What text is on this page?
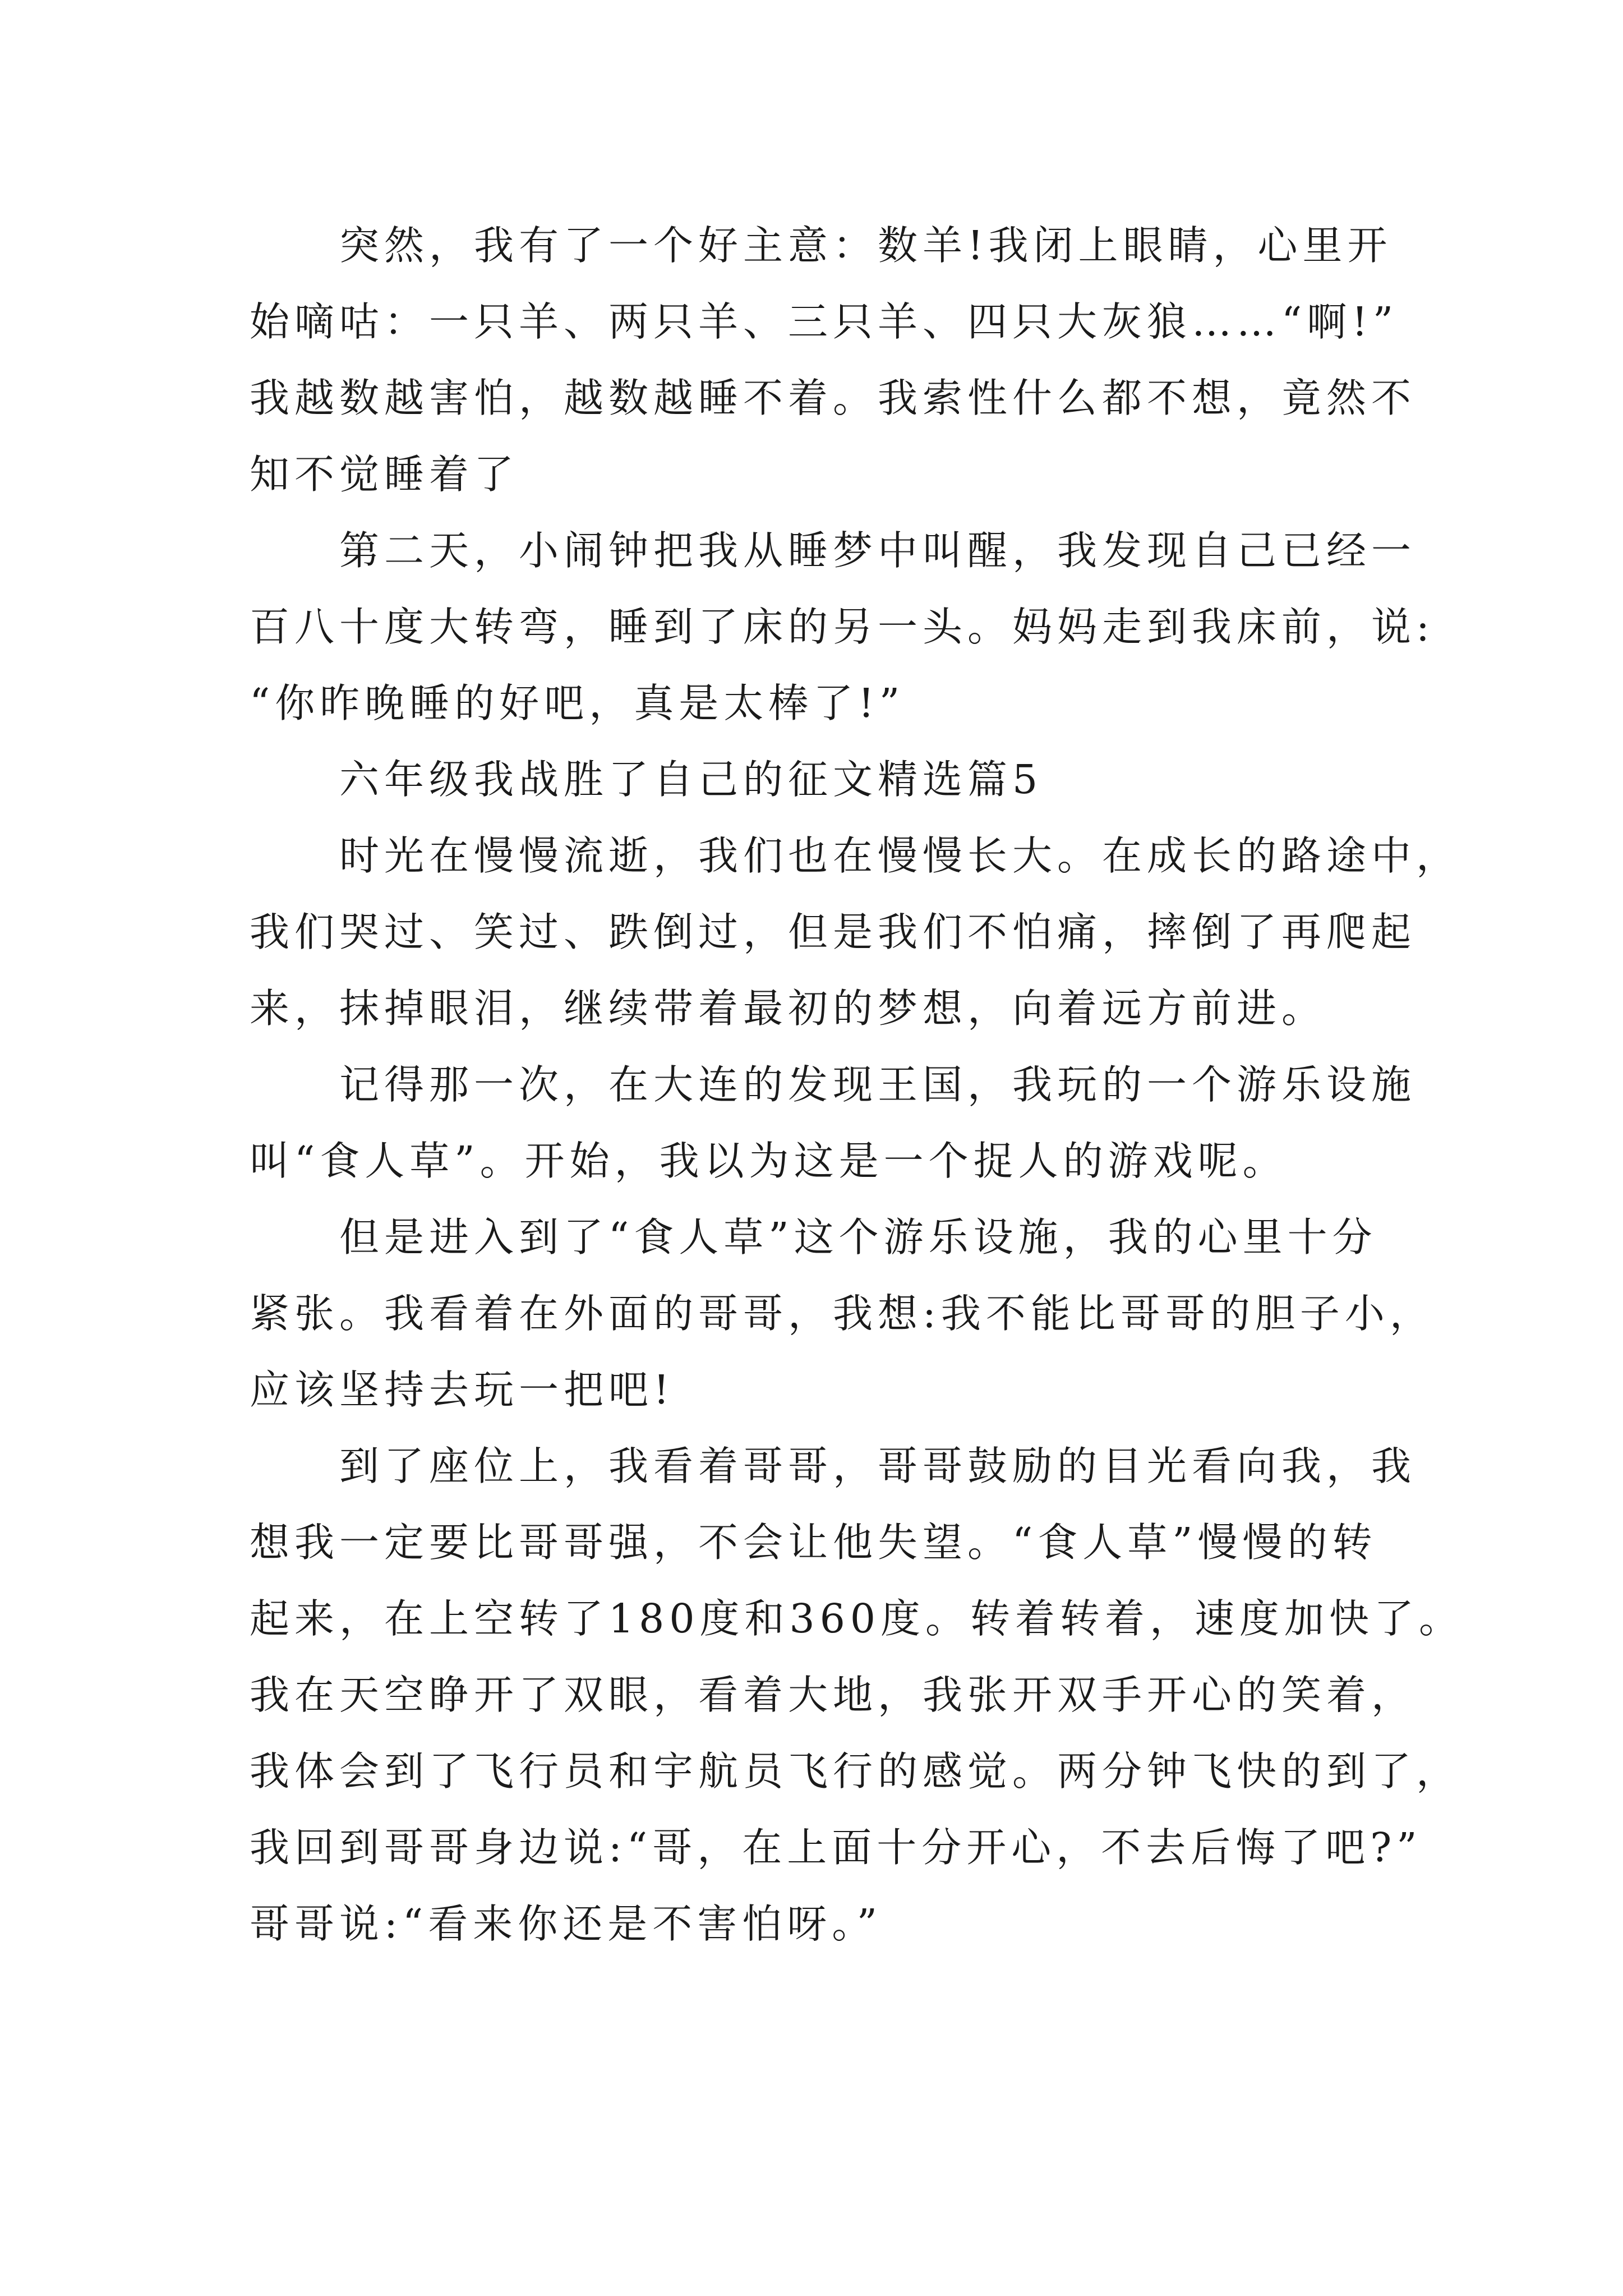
突然，我有了一个好主意：数羊!我闭上眼睛，心里开
始嘀咕：一只羊、两只羊、三只羊、四只大灰狼……“啊!”
我越数越害怕，越数越睡不着。我索性什么都不想，竟然不
知不觉睡着了

第二天，小闹钟把我从睡梦中叫醒，我发现自己已经一
百八十度大转弯，睡到了床的另一头。妈妈走到我床前，说:
“你昨晚睡的好吧，真是太棒了!”

六年级我战胜了自己的征文精选篇5

时光在慢慢流逝，我们也在慢慢长大。在成长的路途中，
我们哭过、笑过、跌倒过，但是我们不怕痛，摔倒了再爬起
来，抹掉眼泪，继续带着最初的梦想，向着远方前进。

记得那一次，在大连的发现王国，我玩的一个游乐设施
叫“食人草”。开始，我以为这是一个捉人的游戏呢。

但是进入到了“食人草”这个游乐设施，我的心里十分
紧张。我看着在外面的哥哥，我想:我不能比哥哥的胆子小，
应该坚持去玩一把吧!

到了座位上，我看着哥哥，哥哥鼓励的目光看向我，我
想我一定要比哥哥强，不会让他失望。“食人草”慢慢的转
起来，在上空转了180度和360度。转着转着，速度加快了。
我在天空睁开了双眼，看着大地，我张开双手开心的笑着，
我体会到了飞行员和宇航员飞行的感觉。两分钟飞快的到了，
我回到哥哥身边说:“哥，在上面十分开心，不去后悔了吧?”
哥哥说:“看来你还是不害怕呀。”
